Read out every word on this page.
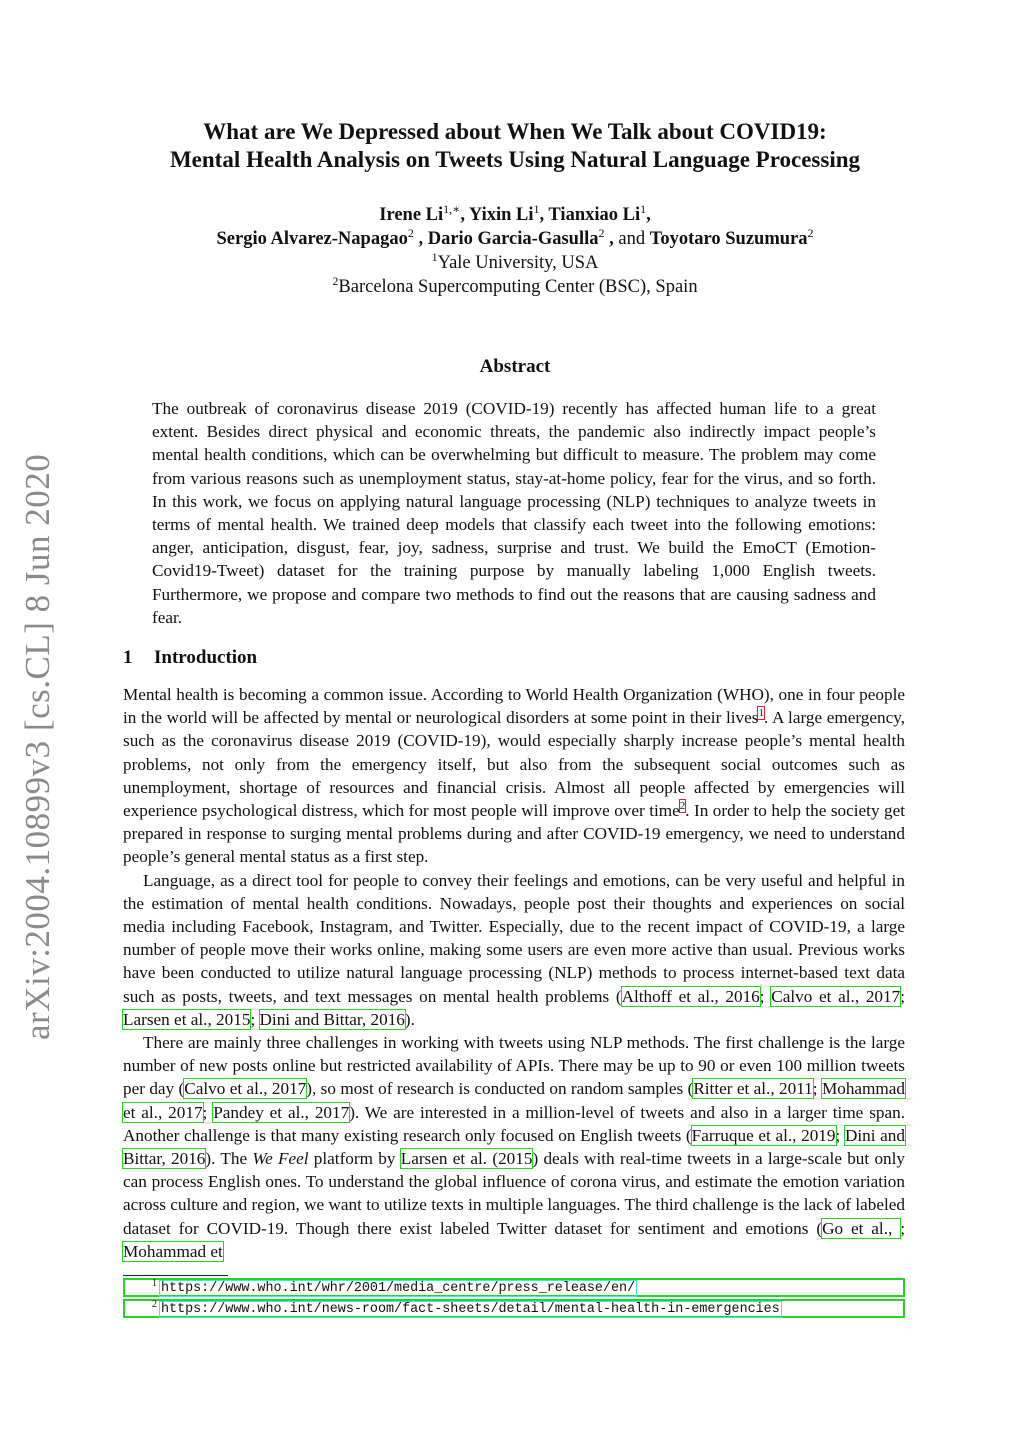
arXiv:2004.10899v3 [cs.CL] 8 Jun 2020
What are We Depressed about When We Talk about COVID19:
Mental Health Analysis on Tweets Using Natural Language Processing
Irene $Li^{1,∗}$, Yixin Li$^1$, Tianxiao Li$^1$,
Sergio Alvarez-Napagao$^2$ , Dario Garcia-Gasulla$^2$ , and Toyotaro Suzumura$^2$
$^1$Yale University, USA
$^2$Barcelona Supercomputing Center (BSC), Spain
Abstract

The outbreak of coronavirus disease 2019 (COVID-19) recently has affected human life to a great extent. Besides direct physical and economic threats, the pandemic also indirectly impact people’s mental health conditions, which can be overwhelming but difficult to measure. The problem may come from various reasons such as unemployment status, stay-at-home policy, fear for the virus, and so forth. In this work, we focus on applying natural language processing (NLP) techniques to analyze tweets in terms of mental health. We trained deep models that classify each tweet into the following emotions: anger, anticipation, disgust, fear, joy, sadness, surprise and trust. We build the EmoCT (Emotion-Covid19-Tweet) dataset for the training purpose by manually labeling 1,000 English tweets. Furthermore, we propose and compare two methods to find out the reasons that are causing sadness and fear.

1 Introduction

Mental health is becoming a common issue. According to World Health Organization (WHO), one in four people in the world will be affected by mental or neurological disorders at some point in their lives$^1$. A large emergency, such as the coronavirus disease 2019 (COVID-19), would especially sharply increase people’s mental health problems, not only from the emergency itself, but also from the subsequent social outcomes such as unemployment, shortage of resources and financial crisis. Almost all people affected by emergencies will experience psychological distress, which for most people will improve over time$^2$. In order to help the society get prepared in response to surging mental problems during and after COVID-19 emergency, we need to understand people’s general mental status as a first step.

Language, as a direct tool for people to convey their feelings and emotions, can be very useful and helpful in the estimation of mental health conditions. Nowadays, people post their thoughts and experiences on social media including Facebook, Instagram, and Twitter. Especially, due to the recent impact of COVID-19, a large number of people move their works online, making some users are even more active than usual. Previous works have been conducted to utilize natural language processing (NLP) methods to process internet-based text data such as posts, tweets, and text messages on mental health problems (Althoff et al., 2016; Calvo et al., 2017; Larsen et al., 2015; Dini and Bittar, 2016).

There are mainly three challenges in working with tweets using NLP methods. The first challenge is the large number of new posts online but restricted availability of APIs. There may be up to 90 or even 100 million tweets per day (Calvo et al., 2017), so most of research is conducted on random samples (Ritter et al., 2011; Mohammad et al., 2017; Pandey et al., 2017). We are interested in a million-level of tweets and also in a larger time span. Another challenge is that many existing research only focused on English tweets (Farruque et al., 2019; Dini and Bittar, 2016). The We Feel platform by Larsen et al. (2015) deals with real-time tweets in a large-scale but only can process English ones. To understand the global influence of corona virus, and estimate the emotion variation across culture and region, we want to utilize texts in multiple languages. The third challenge is the lack of labeled dataset for COVID-19. Though there exist labeled Twitter dataset for sentiment and emotions (Go et al., ; Mohammad et

1 https://www.who.int/whr/2001/media_centre/press_release/en/
2 https://www.who.int/news-room/fact-sheets/detail/mental-health-in-emergencies
